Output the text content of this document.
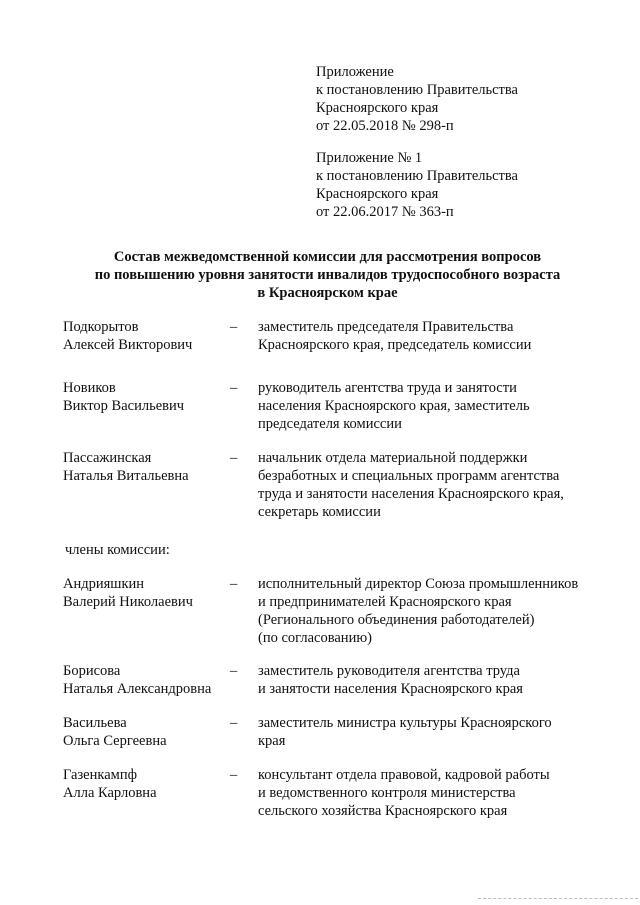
Приложение
к постановлению Правительства
Красноярского края
от 22.05.2018 № 298-п
Приложение № 1
к постановлению Правительства
Красноярского края
от 22.06.2017 № 363-п
Состав межведомственной комиссии для рассмотрения вопросов
по повышению уровня занятости инвалидов трудоспособного возраста
в Красноярском крае
Подкорытов
Алексей Викторович
– заместитель председателя Правительства
Красноярского края, председатель комиссии
Новиков
Виктор Васильевич
– руководитель агентства труда и занятости
населения Красноярского края, заместитель
председателя комиссии
Пассажинская
Наталья Витальевна
– начальник отдела материальной поддержки
безработных и специальных программ агентства
труда и занятости населения Красноярского края,
секретарь комиссии
члены комиссии:
Андрияшкин
Валерий Николаевич
– исполнительный директор Союза промышленников
и предпринимателей Красноярского края
(Регионального объединения работодателей)
(по согласованию)
Борисова
Наталья Александровна
– заместитель руководителя агентства труда
и занятости населения Красноярского края
Васильева
Ольга Сергеевна
– заместитель министра культуры Красноярского
края
Газенкампф
Алла Карловна
– консультант отдела правовой, кадровой работы
и ведомственного контроля министерства
сельского хозяйства Красноярского края
